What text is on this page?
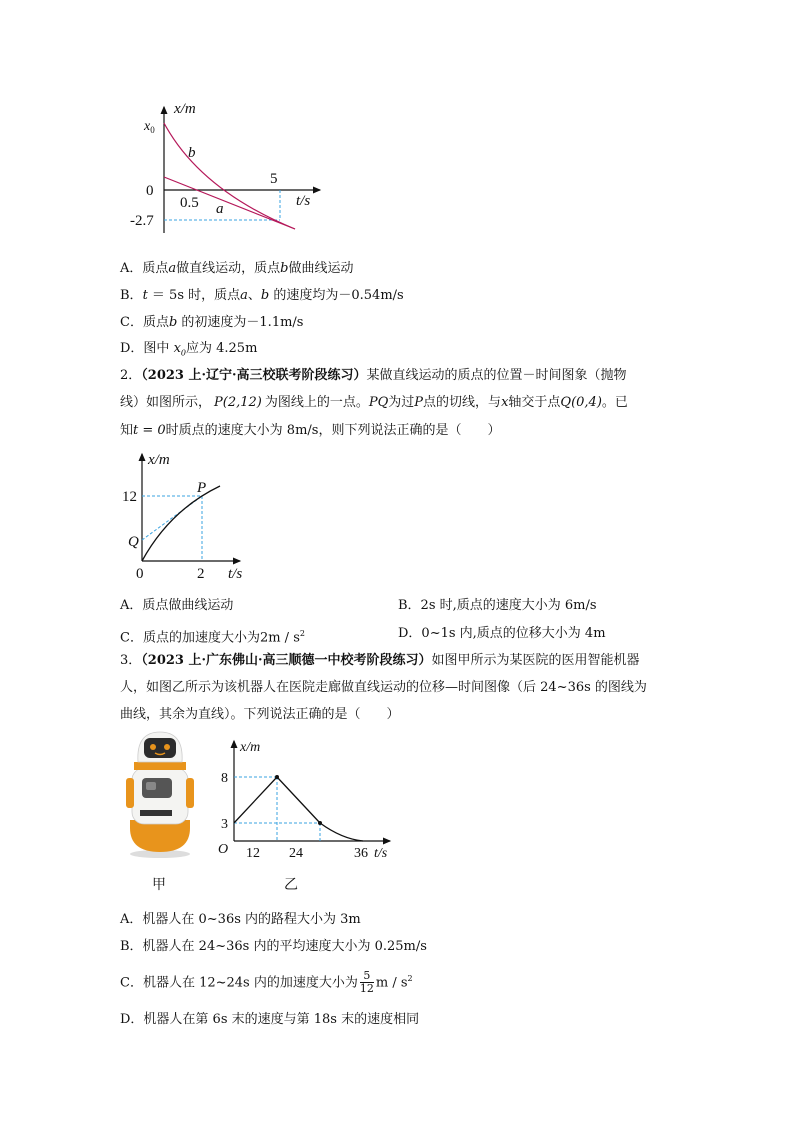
x/m
$x_0$
b
0
5
t/s
0.5 a
-2.7
A．质点a做直线运动，质点b做曲线运动
B．t ＝ 5s 时，质点a、b 的速度均为－0.54m/s
C．质点b 的初速度为－1.1m/s
D．图中 $x_0$应为 4.25m
2．（2023 上·辽宁·高三校联考阶段练习）某做直线运动的质点的位置－时间图象（抛物
线）如图所示， P(2,12) 为图线上的一点。PQ为过P点的切线，与x轴交于点Q(0,4)。已
知t = 0时质点的速度大小为 8m/s，则下列说法正确的是（　　）
x/m
12
P
Q
0	2 t/s
A．质点做曲线运动	B．2s 时,质点的速度大小为 6m/s
C．质点的加速度大小为$2m / s^2$	D．0~1s 内,质点的位移大小为 4m
3．（2023 上·广东佛山·高三顺德一中校考阶段练习）如图甲所示为某医院的医用智能机器
人，如图乙所示为该机器人在医院走廊做直线运动的位移—时间图像（后 24~36s 的图线为
曲线，其余为直线）。下列说法正确的是（　　）
x/m
8
3
O 12 24	36 t/s
甲	乙
A．机器人在 0~36s 内的路程大小为 3m
B．机器人在 24~36s 内的平均速度大小为 0.25m/s
C．机器人在 12~24s 内的加速度大小为 $\frac{5}{12}$ m / $s^2$
D．机器人在第 6s 末的速度与第 18s 末的速度相同
